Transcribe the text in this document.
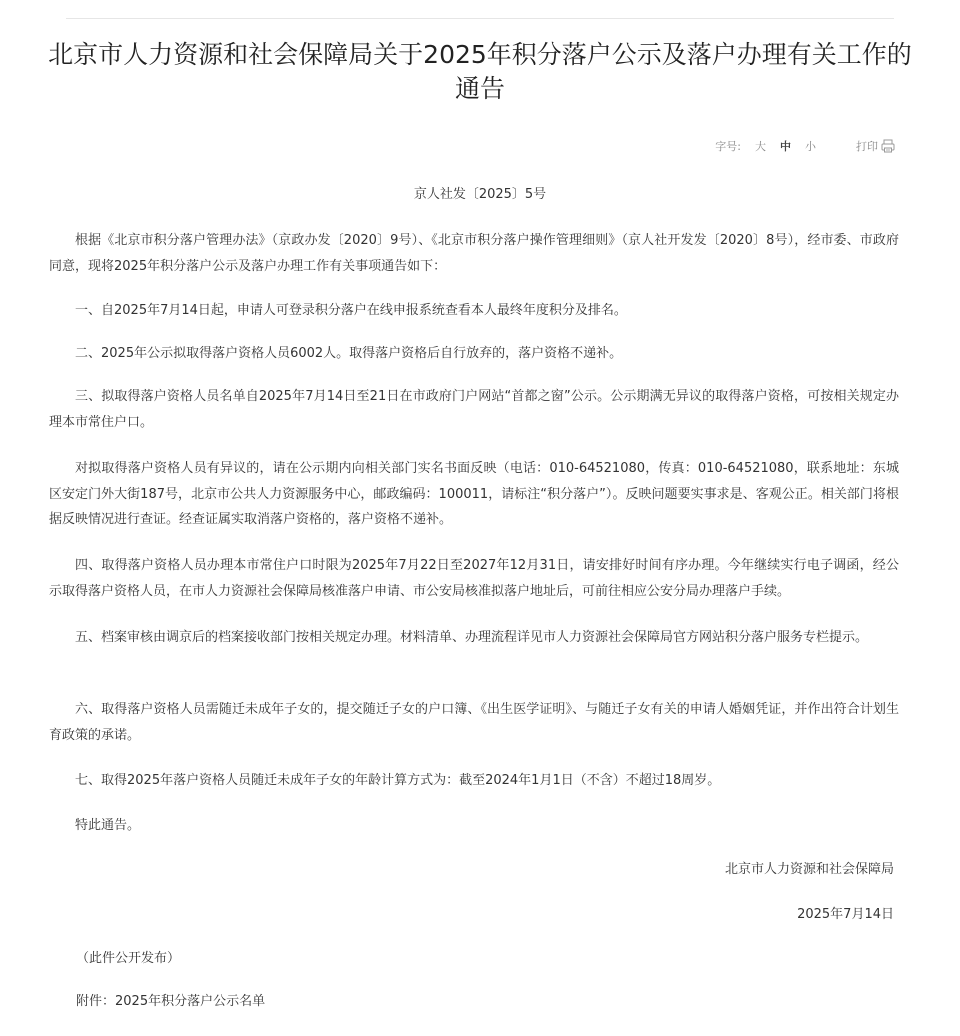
北京市人力资源和社会保障局关于2025年积分落户公示及落户办理有关工作的通告
字号: 大 中 小	打印
京人社发〔2025〕5号

根据《北京市积分落户管理办法》（京政办发〔2020〕9号）、《北京市积分落户操作管理细则》（京人社开发发〔2020〕8号），经市委、市政府同意，现将2025年积分落户公示及落户办理工作有关事项通告如下：

一、自2025年7月14日起，申请人可登录积分落户在线申报系统查看本人最终年度积分及排名。

二、2025年公示拟取得落户资格人员6002人。取得落户资格后自行放弃的，落户资格不递补。

三、拟取得落户资格人员名单自2025年7月14日至21日在市政府门户网站“首都之窗”公示。公示期满无异议的取得落户资格，可按相关规定办理本市常住户口。

对拟取得落户资格人员有异议的，请在公示期内向相关部门实名书面反映（电话：010-64521080，传真：010-64521080，联系地址：东城区安定门外大街187号，北京市公共人力资源服务中心，邮政编码：100011，请标注“积分落户”）。反映问题要实事求是、客观公正。相关部门将根据反映情况进行查证。经查证属实取消落户资格的，落户资格不递补。

四、取得落户资格人员办理本市常住户口时限为2025年7月22日至2027年12月31日，请安排好时间有序办理。今年继续实行电子调函，经公示取得落户资格人员，在市人力资源社会保障局核准落户申请、市公安局核准拟落户地址后，可前往相应公安分局办理落户手续。

五、档案审核由调京后的档案接收部门按相关规定办理。材料清单、办理流程详见市人力资源社会保障局官方网站积分落户服务专栏提示。

六、取得落户资格人员需随迁未成年子女的，提交随迁子女的户口簿、《出生医学证明》、与随迁子女有关的申请人婚姻凭证，并作出符合计划生育政策的承诺。

七、取得2025年落户资格人员随迁未成年子女的年龄计算方式为：截至2024年1月1日（不含）不超过18周岁。

特此通告。

北京市人力资源和社会保障局
2025年7月14日
（此件公开发布）
附件：2025年积分落户公示名单
